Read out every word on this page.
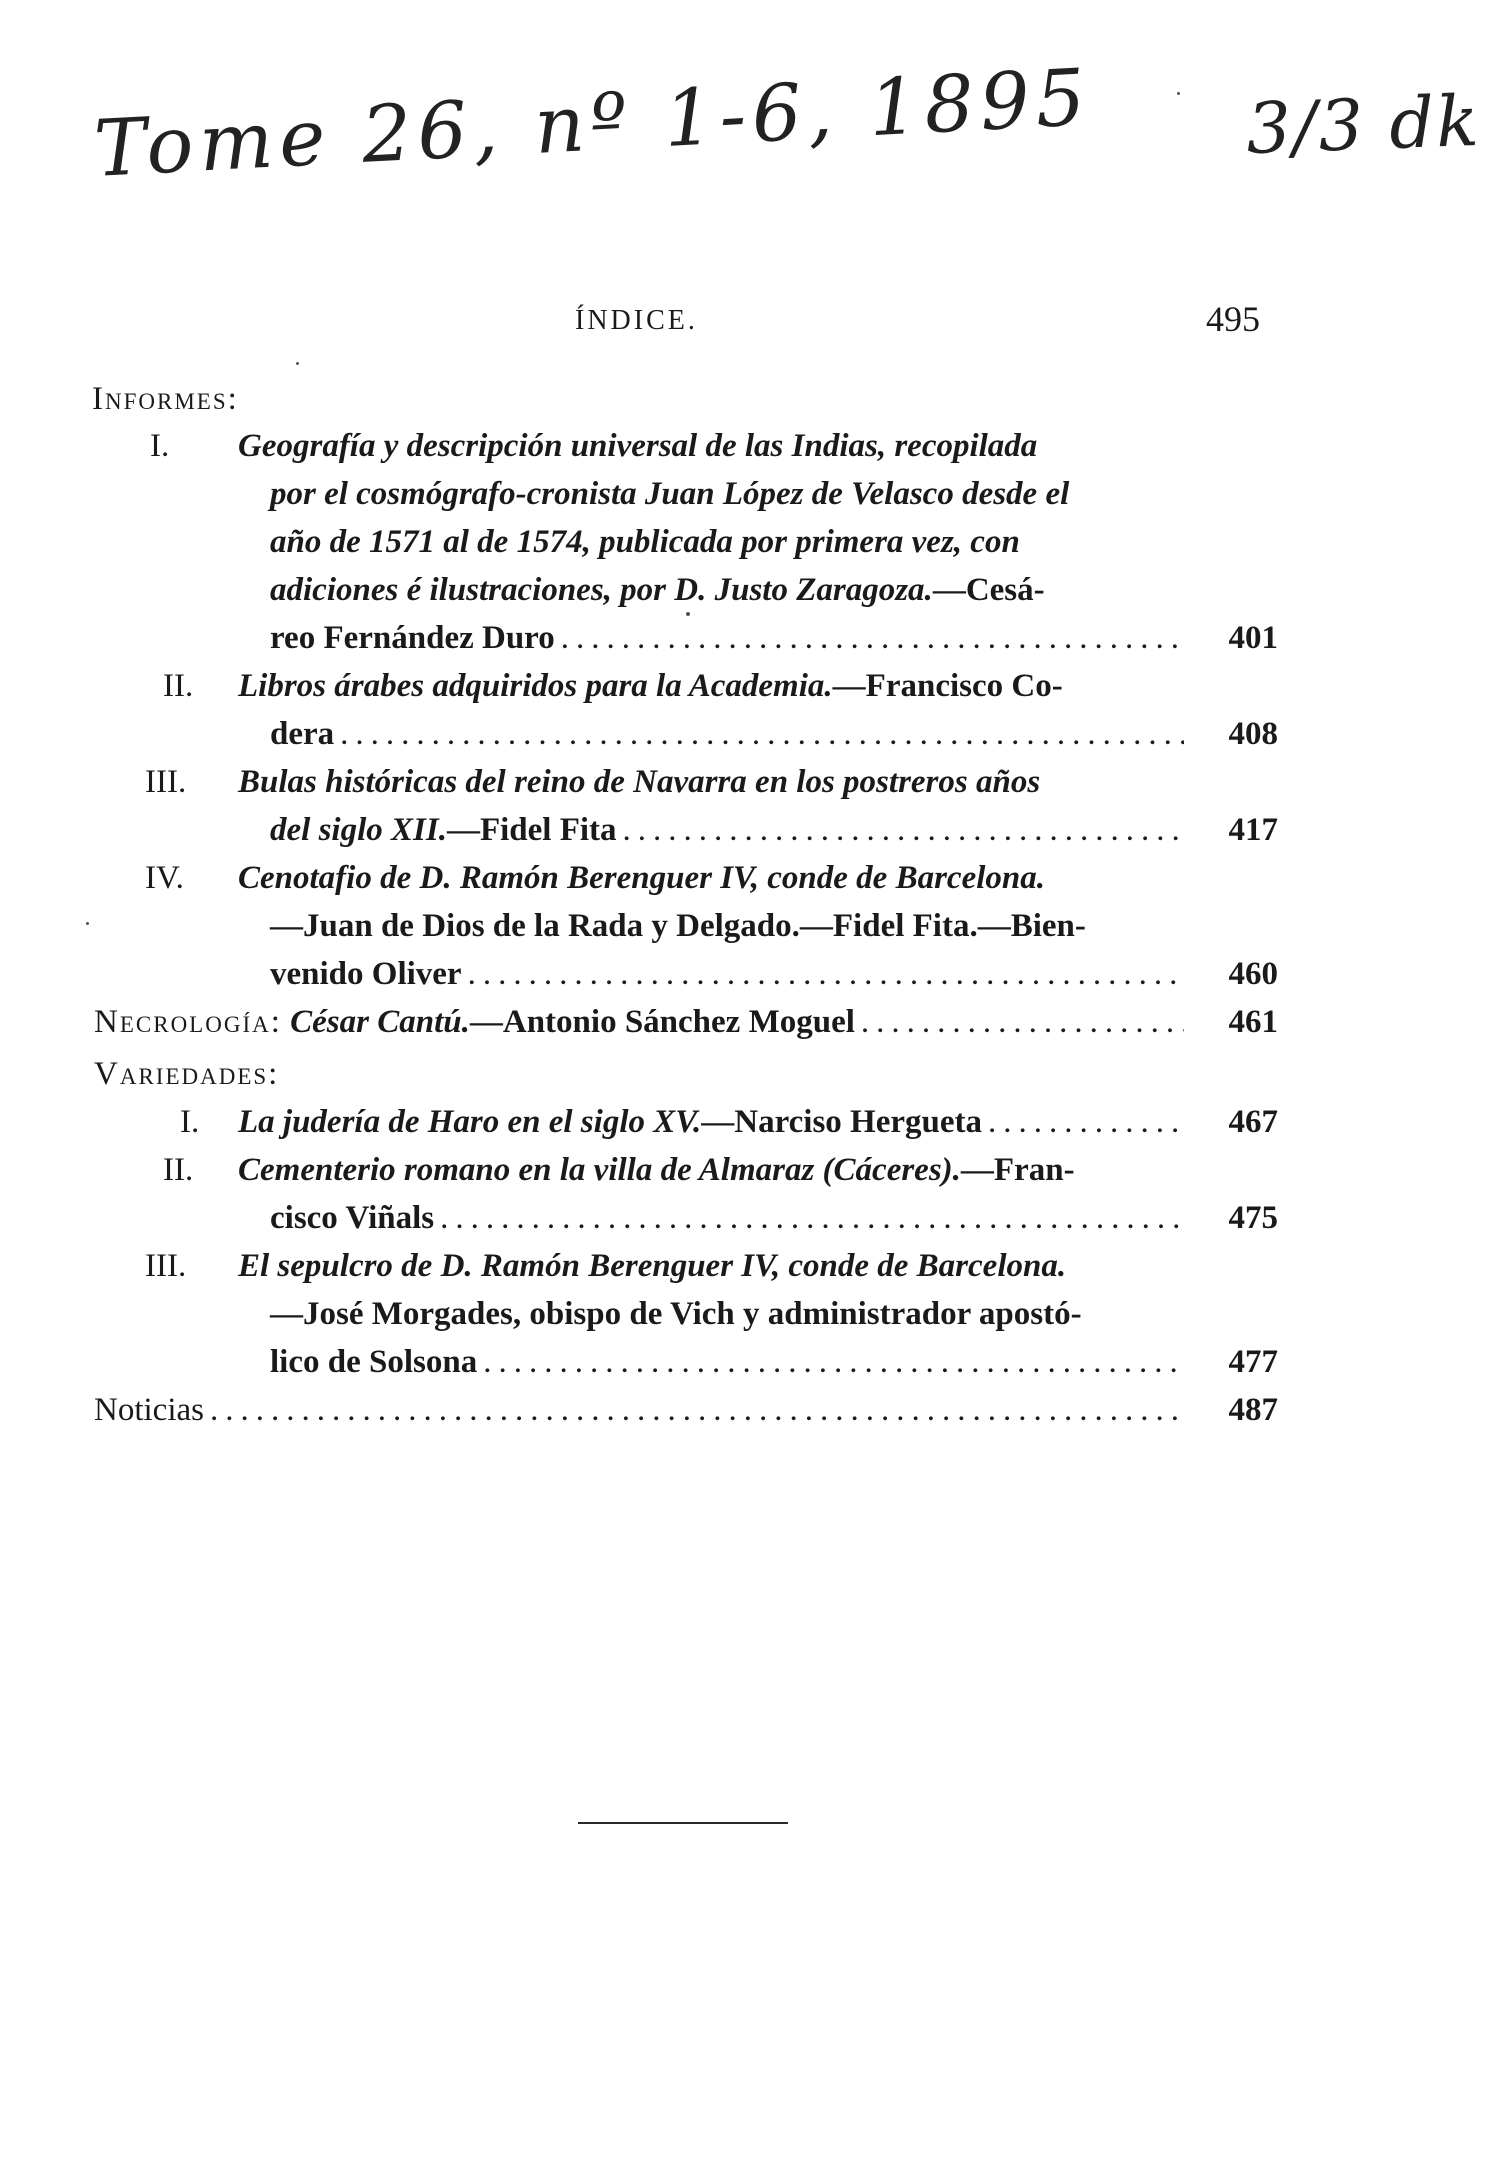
Tome 26, nº 1-6, 1895 3/3 dk
ÍNDICE.	495
Informes:
I. Geografía y descripción universal de las Indias, recopilada
por el cosmógrafo-cronista Juan López de Velasco desde el
año de 1571 al de 1574, publicada por primera vez, con
adiciones é ilustraciones, por D. Justo Zaragoza.—Cesá-
reo Fernández Duro .....	401
II. Libros árabes adquiridos para la Academia.—Francisco Co-
dera .....	408
III. Bulas históricas del reino de Navarra en los postreros años
del siglo XII. —Fidel Fita .....	417
IV. Cenotafio de D. Ramón Berenguer IV, conde de Barcelona.
—Juan de Dios de la Rada y Delgado.—Fidel Fita.—Bien-
venido Oliver .....	460
Necrología:
César Cantú. —Antonio Sánchez Moguel .....	461
Variedades:
I. La judería de Haro en el siglo XV. —Narciso Hergueta .....	467
II. Cementerio romano en la villa de Almaraz (Cáceres).—Fran-
cisco Viñals .....	475
III. El sepulcro de D. Ramón Berenguer IV, conde de Barcelona.
—José Morgades, obispo de Vich y administrador apostó-
lico de Solsona .....	477
Noticias .....	487
